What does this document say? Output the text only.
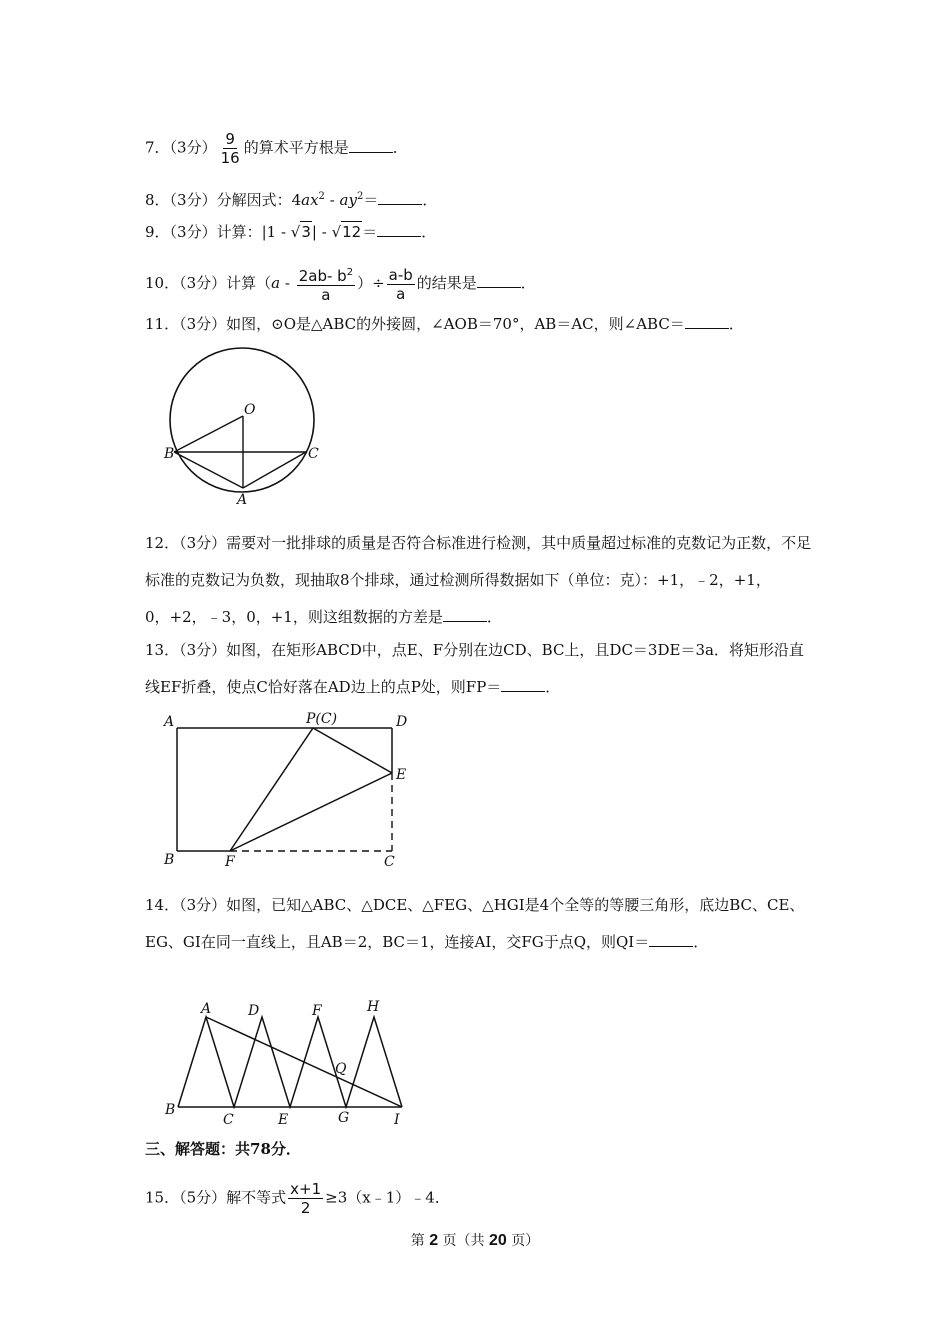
7．（3分） $\frac{9}{16}$ 的算术平方根是	．
8．（3分）分解因式：$4ax^2 - ay^2=$	．
9．（3分）计算：|1 - √3| - √12＝	．
10．（3分）计算（$a - \frac{2ab- b^2}{a}$ ）÷ $\frac{a-b}{a}$ 的结果是	．
11．（3分）如图，⊙O是△ABC的外接圆，∠AOB＝70°，AB＝AC，则∠ABC＝	．
O
B	C
A
12．（3分）需要对一批排球的质量是否符合标准进行检测，其中质量超过标准的克数记为正数，不足标准的克数记为负数，现抽取8个排球，通过检测所得数据如下（单位：克）：+1，﹣2，+1，0，+2，﹣3，0，+1，则这组数据的方差是	．
13．（3分）如图，在矩形ABCD中，点E、F分别在边CD、BC上，且DC＝3DE＝3a．将矩形沿直线EF折叠，使点C恰好落在AD边上的点P处，则FP＝	．
A	P(C)	D
E
B	F	C
14．（3分）如图，已知△ABC、△DCE、△FEG、△HGI是4个全等的等腰三角形，底边BC、CE、EG、GI在同一直线上，且AB＝2，BC＝1，连接AI，交FG于点Q，则QI＝	．
A	D	F	H
Q
B
C	E	G	I
三、解答题：共78分．
15．（5分）解不等式 $\frac{x+1}{2}$ ≥3（x﹣1）﹣4．
第 2 页（共 20 页）
